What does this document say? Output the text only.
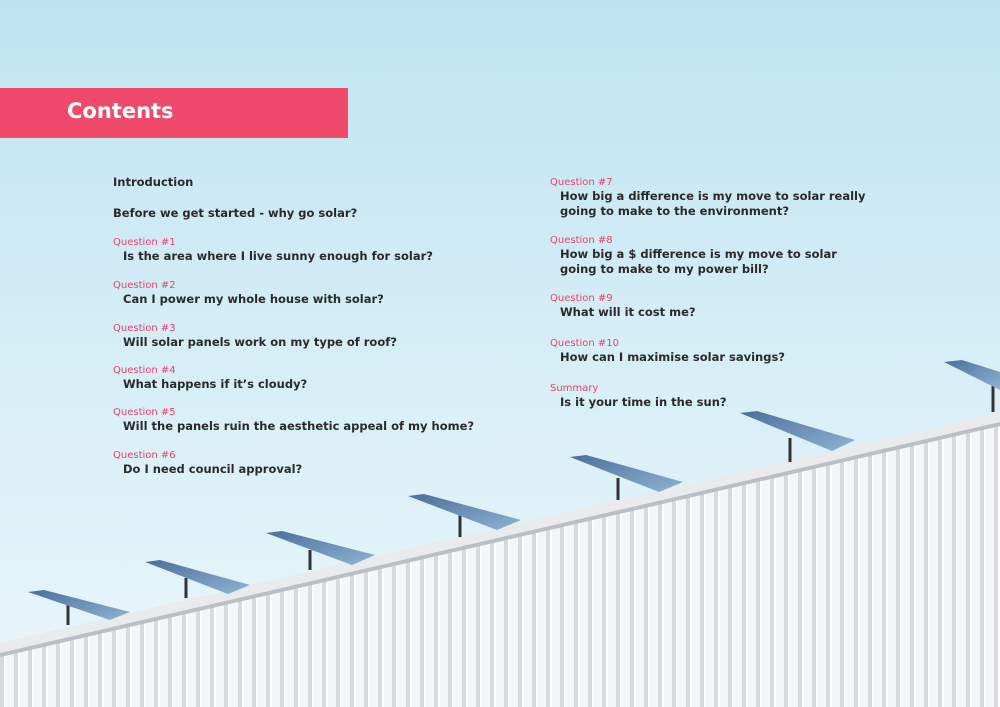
Contents
Introduction
Before we get started - why go solar?
Question #1
Is the area where I live sunny enough for solar?
Question #2
Can I power my whole house with solar?
Question #3
Will solar panels work on my type of roof?
Question #4
What happens if it’s cloudy?
Question #5
Will the panels ruin the aesthetic appeal of my home?
Question #6
Do I need council approval?
Question #7
How big a difference is my move to solar really going to make to the environment?
Question #8
How big a $ difference is my move to solar going to make to my power bill?
Question #9
What will it cost me?
Question #10
How can I maximise solar savings?
Summary
Is it your time in the sun?
